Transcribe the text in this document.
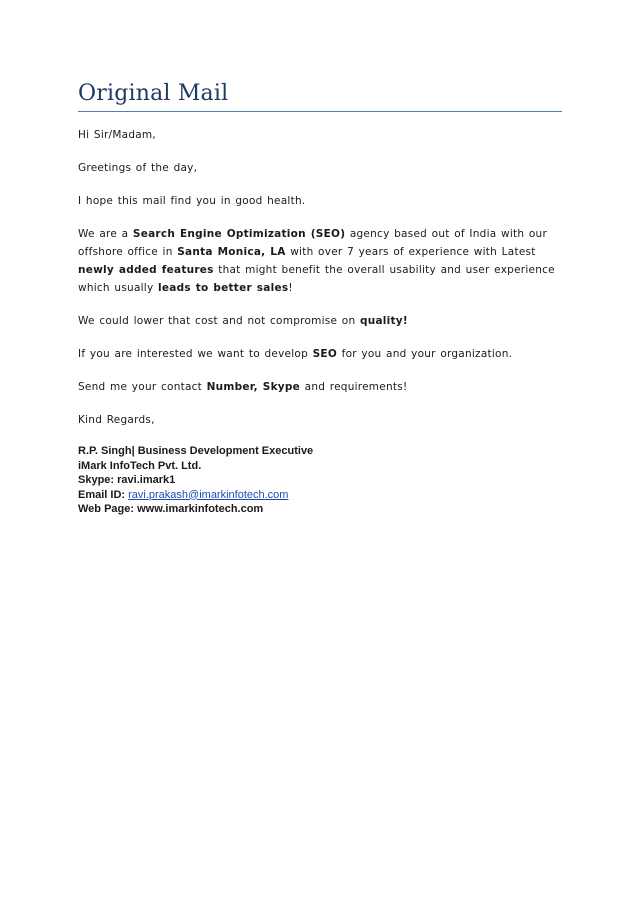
Original Mail

Hi Sir/Madam,

Greetings of the day,

I hope this mail find you in good health.

We are a Search Engine Optimization (SEO) agency based out of India with our offshore office in Santa Monica, LA with over 7 years of experience with Latest newly added features that might benefit the overall usability and user experience which usually leads to better sales!

We could lower that cost and not compromise on quality!

If you are interested we want to develop SEO for you and your organization.

Send me your contact Number, Skype and requirements!

Kind Regards,

R.P. Singh| Business Development Executive
iMark InfoTech Pvt. Ltd.
Skype: ravi.imark1
Email ID: ravi.prakash@imarkinfotech.com
Web Page: www.imarkinfotech.com
